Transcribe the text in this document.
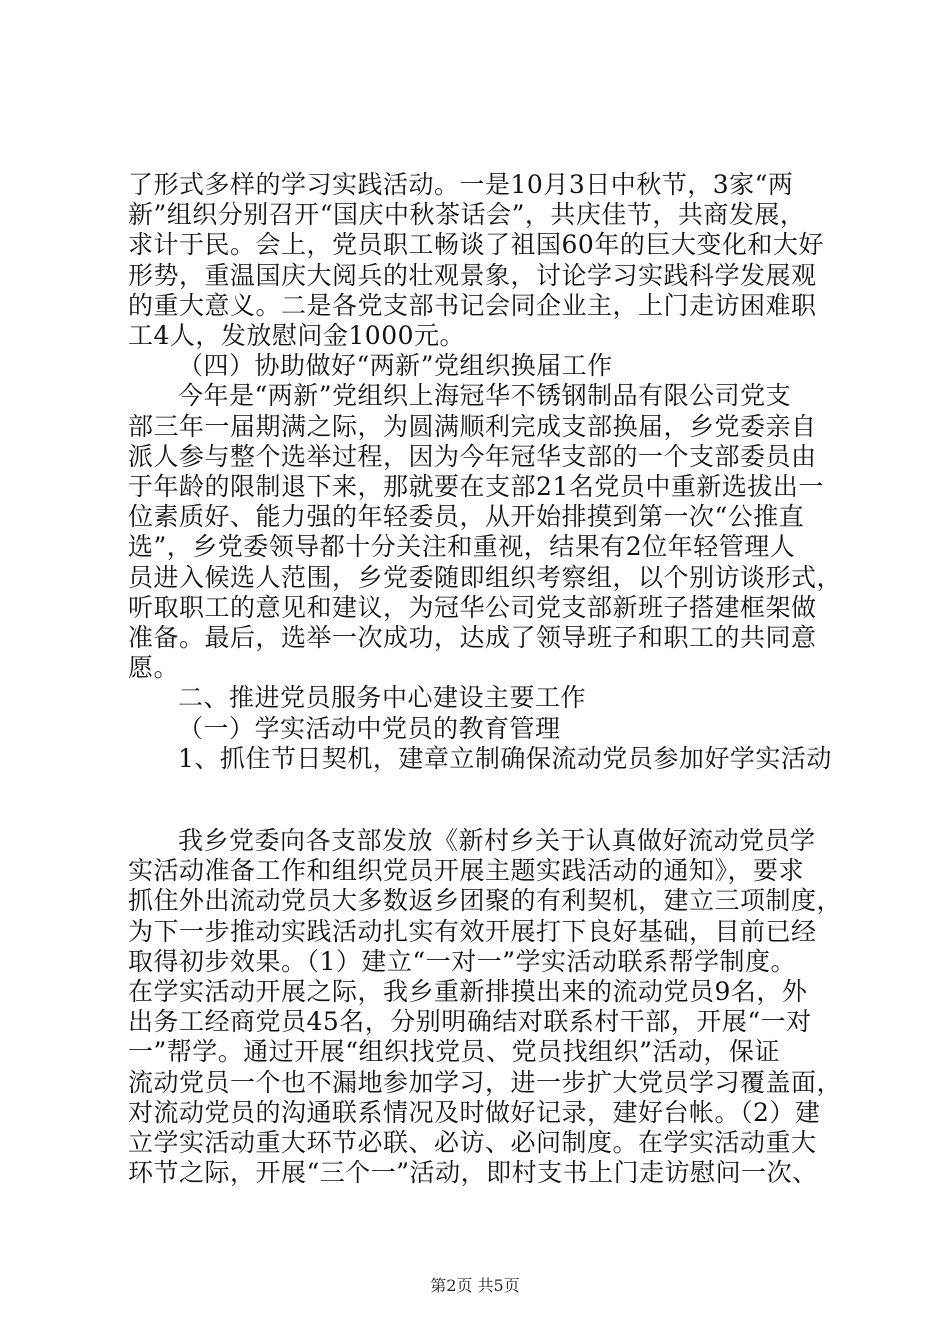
了形式多样的学习实践活动。一是10月3日中秋节，3家“两
新”组织分别召开“国庆中秋茶话会”，共庆佳节，共商发展，
求计于民。会上，党员职工畅谈了祖国60年的巨大变化和大好
形势，重温国庆大阅兵的壮观景象，讨论学习实践科学发展观
的重大意义。二是各党支部书记会同企业主，上门走访困难职
工4人，发放慰问金1000元。
（四）协助做好“两新”党组织换届工作
今年是“两新”党组织上海冠华不锈钢制品有限公司党支
部三年一届期满之际，为圆满顺利完成支部换届，乡党委亲自
派人参与整个选举过程，因为今年冠华支部的一个支部委员由
于年龄的限制退下来，那就要在支部21名党员中重新选拔出一
位素质好、能力强的年轻委员，从开始排摸到第一次“公推直
选”，乡党委领导都十分关注和重视，结果有2位年轻管理人
员进入候选人范围，乡党委随即组织考察组，以个别访谈形式，
听取职工的意见和建议，为冠华公司党支部新班子搭建框架做
准备。最后，选举一次成功，达成了领导班子和职工的共同意
愿。
二、推进党员服务中心建设主要工作
（一）学实活动中党员的教育管理
1、抓住节日契机，建章立制确保流动党员参加好学实活动
我乡党委向各支部发放《新村乡关于认真做好流动党员学
实活动准备工作和组织党员开展主题实践活动的通知》，要求
抓住外出流动党员大多数返乡团聚的有利契机，建立三项制度，
为下一步推动实践活动扎实有效开展打下良好基础，目前已经
取得初步效果。（1）建立“一对一”学实活动联系帮学制度。
在学实活动开展之际，我乡重新排摸出来的流动党员9名，外
出务工经商党员45名，分别明确结对联系村干部，开展“一对
一”帮学。通过开展“组织找党员、党员找组织”活动，保证
流动党员一个也不漏地参加学习，进一步扩大党员学习覆盖面，
对流动党员的沟通联系情况及时做好记录，建好台帐。（2）建
立学实活动重大环节必联、必访、必问制度。在学实活动重大
环节之际，开展“三个一”活动，即村支书上门走访慰问一次、
第2页 共5页
